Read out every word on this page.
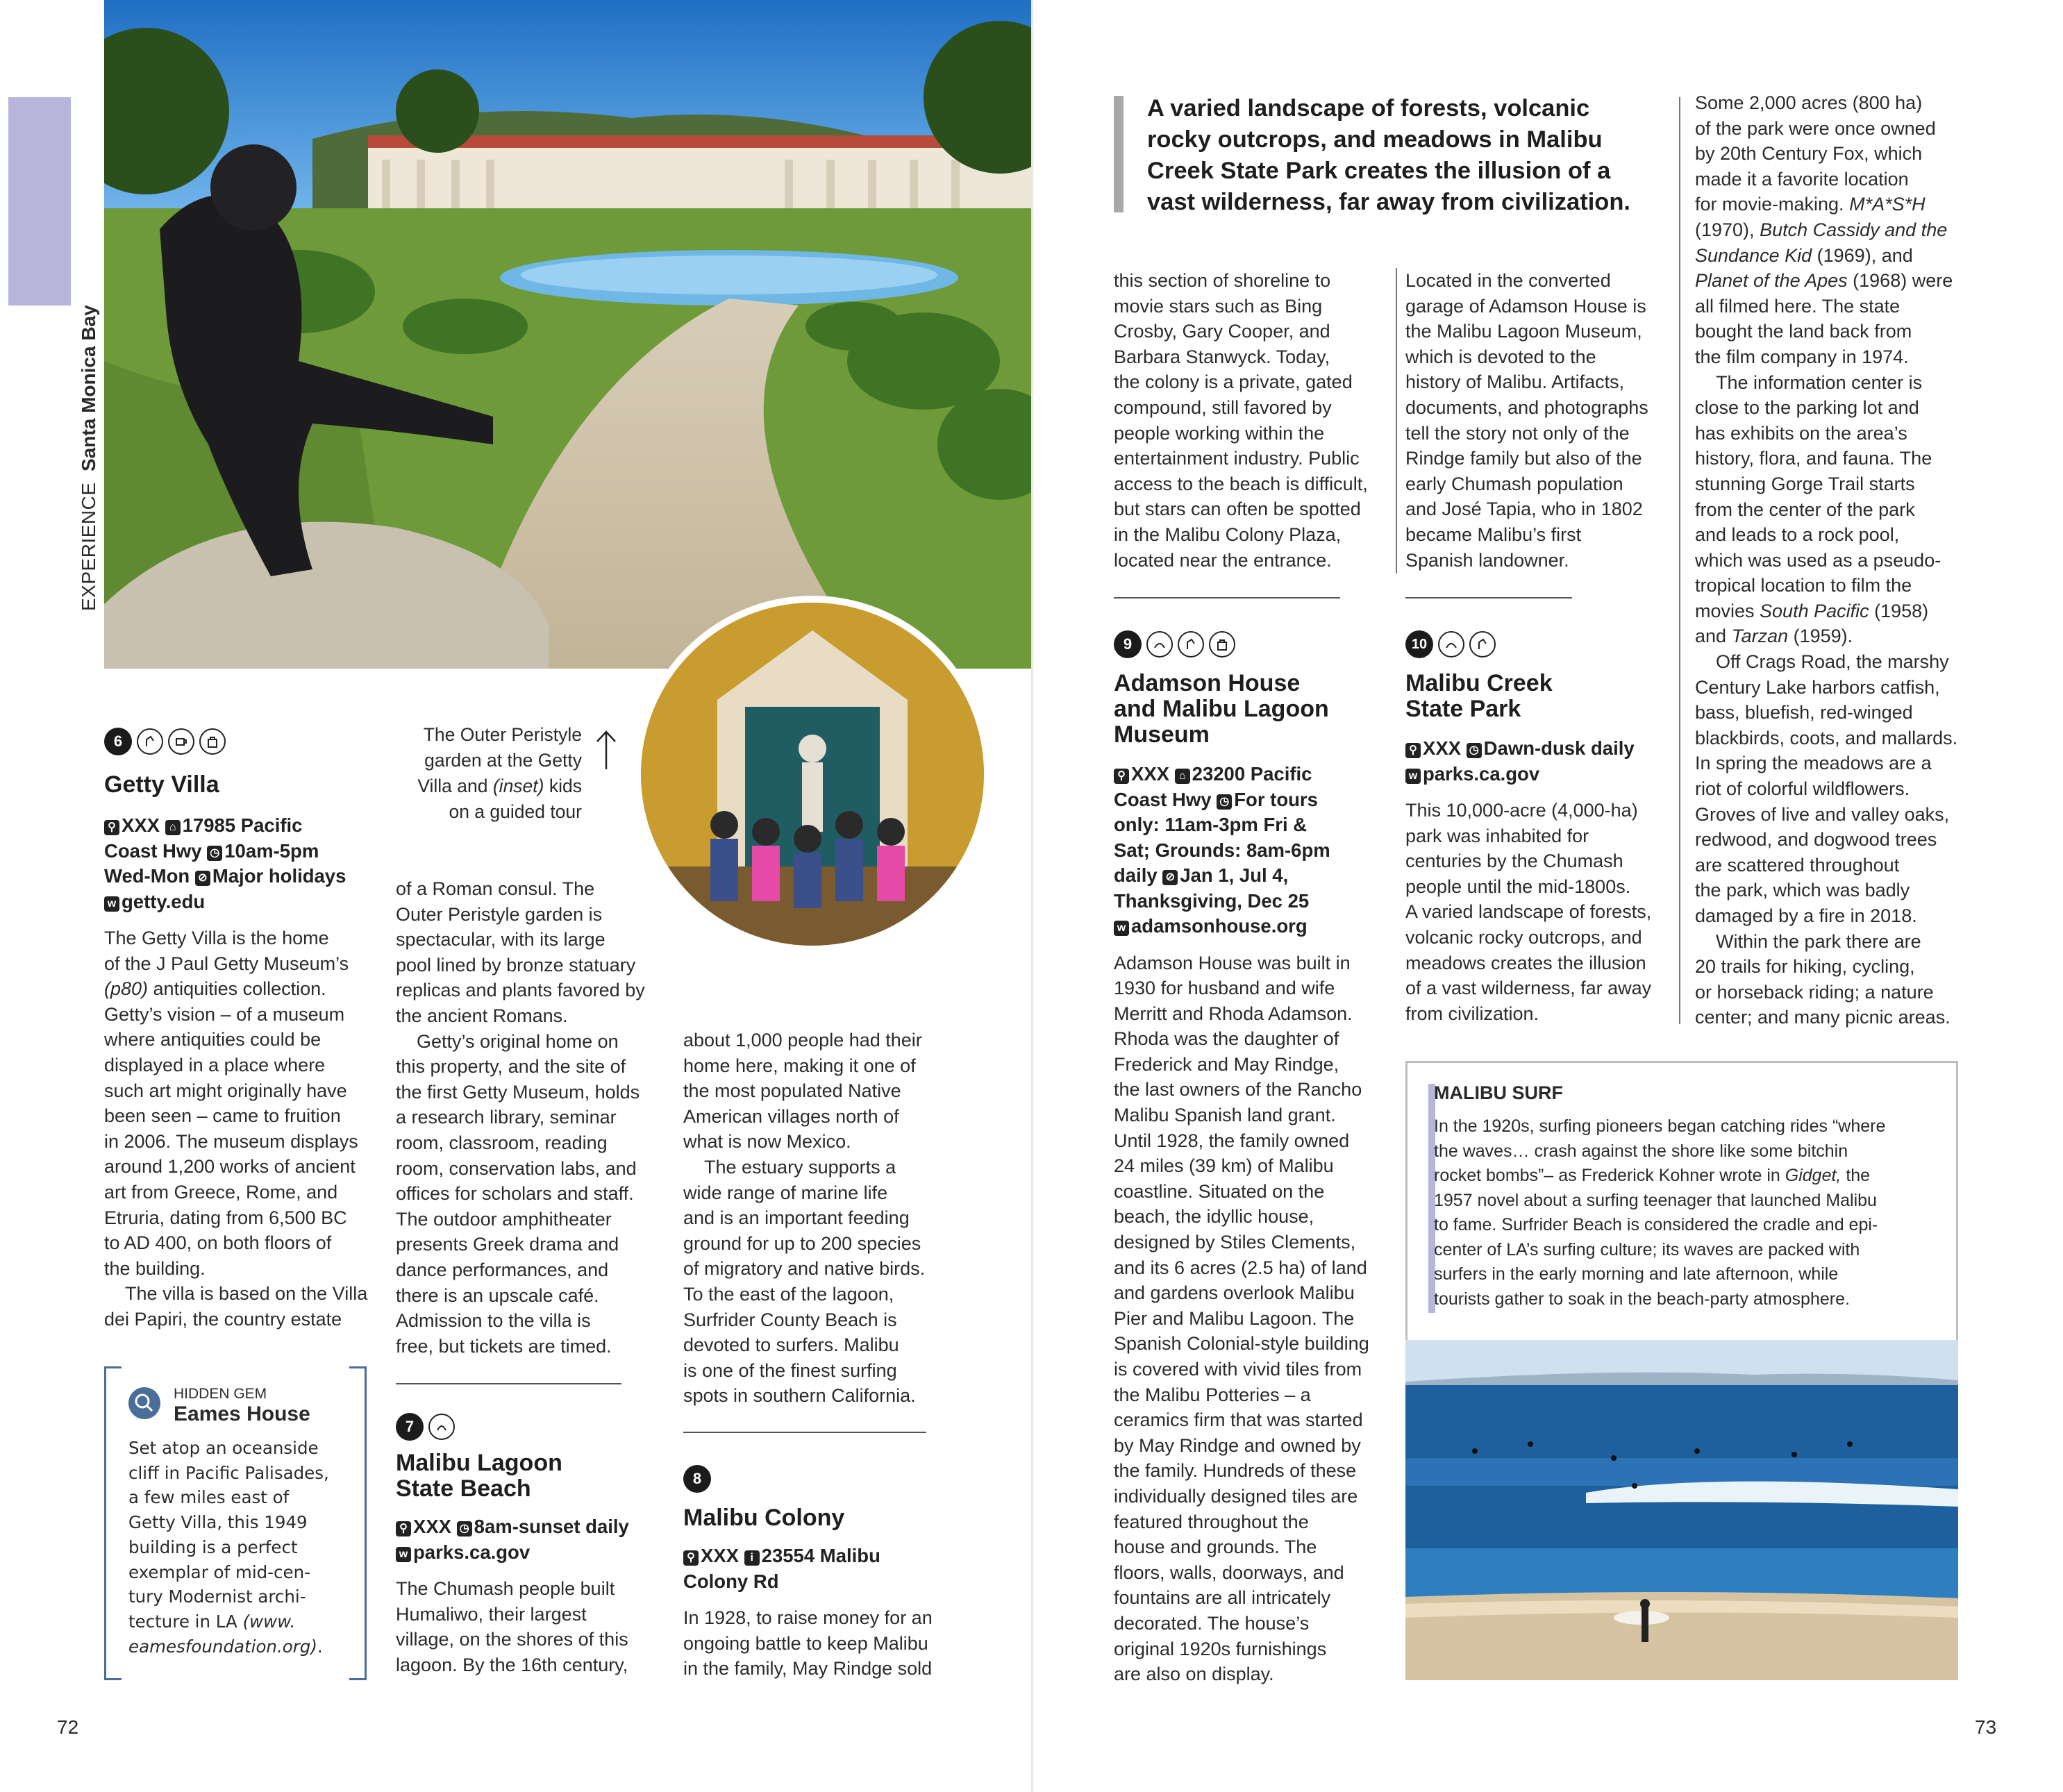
EXPERIENCE  Santa Monica Bay
The Outer Peristyle
garden at the Getty
Villa and (inset) kids
on a guided tour
6
Getty Villa
⚲ XXX ⌂ 17985 Pacific
Coast Hwy ◷ 10am-5pm
Wed-Mon ⊘ Major holidays
w getty.edu

The Getty Villa is the home
of the J Paul Getty Museum’s
(p80) antiquities collection.
Getty’s vision – of a museum
where antiquities could be
displayed in a place where
such art might originally have
been seen – came to fruition
in 2006. The museum displays
around 1,200 works of ancient
art from Greece, Rome, and
Etruria, dating from 6,500 BC
to AD 400, on both floors of
the building.

The villa is based on the Villa
dei Papiri, the country estate

HIDDEN GEM
Eames House
Set atop an oceanside
cliff in Pacific Palisades,
a few miles east of
Getty Villa, this 1949
building is a perfect
exemplar of mid-cen-
tury Modernist archi-
tecture in LA (www.
eamesfoundation.org).

of a Roman consul. The
Outer Peristyle garden is
spectacular, with its large
pool lined by bronze statuary
replicas and plants favored by
the ancient Romans.

Getty’s original home on
this property, and the site of
the first Getty Museum, holds
a research library, seminar
room, classroom, reading
room, conservation labs, and
offices for scholars and staff.
The outdoor amphitheater
presents Greek drama and
dance performances, and
there is an upscale café.
Admission to the villa is
free, but tickets are timed.

7
Malibu Lagoon
State Beach
⚲ XXX ◷ 8am-sunset daily
w parks.ca.gov
The Chumash people built
Humaliwo, their largest
village, on the shores of this
lagoon. By the 16th century,

about 1,000 people had their
home here, making it one of
the most populated Native
American villages north of
what is now Mexico.

The estuary supports a
wide range of marine life
and is an important feeding
ground for up to 200 species
of migratory and native birds.
To the east of the lagoon,
Surfrider County Beach is
devoted to surfers. Malibu
is one of the finest surfing
spots in southern California.

8
Malibu Colony
⚲ XXX i 23554 Malibu
Colony Rd
In 1928, to raise money for an
ongoing battle to keep Malibu
in the family, May Rindge sold
A varied landscape of forests, volcanic
rocky outcrops, and meadows in Malibu
Creek State Park creates the illusion of a
vast wilderness, far away from civilization.
this section of shoreline to
movie stars such as Bing
Crosby, Gary Cooper, and
Barbara Stanwyck. Today,
the colony is a private, gated
compound, still favored by
people working within the
entertainment industry. Public
access to the beach is difficult,
but stars can often be spotted
in the Malibu Colony Plaza,
located near the entrance.
9
Adamson House
and Malibu Lagoon
Museum
⚲ XXX ⌂ 23200 Pacific
Coast Hwy ◷ For tours
only: 11am-3pm Fri &
Sat; Grounds: 8am-6pm
daily ⊘ Jan 1, Jul 4,
Thanksgiving, Dec 25
w adamsonhouse.org
Adamson House was built in
1930 for husband and wife
Merritt and Rhoda Adamson.
Rhoda was the daughter of
Frederick and May Rindge,
the last owners of the Rancho
Malibu Spanish land grant.
Until 1928, the family owned
24 miles (39 km) of Malibu
coastline. Situated on the
beach, the idyllic house,
designed by Stiles Clements,
and its 6 acres (2.5 ha) of land
and gardens overlook Malibu
Pier and Malibu Lagoon. The
Spanish Colonial-style building
is covered with vivid tiles from
the Malibu Potteries – a
ceramics firm that was started
by May Rindge and owned by
the family. Hundreds of these
individually designed tiles are
featured throughout the
house and grounds. The
floors, walls, doorways, and
fountains are all intricately
decorated. The house’s
original 1920s furnishings
are also on display.
Located in the converted
garage of Adamson House is
the Malibu Lagoon Museum,
which is devoted to the
history of Malibu. Artifacts,
documents, and photographs
tell the story not only of the
Rindge family but also of the
early Chumash population
and José Tapia, who in 1802
became Malibu’s first
Spanish landowner.
10
Malibu Creek
State Park
⚲ XXX ◷ Dawn-dusk daily
w parks.ca.gov
This 10,000-acre (4,000-ha)
park was inhabited for
centuries by the Chumash
people until the mid-1800s.
A varied landscape of forests,
volcanic rocky outcrops, and
meadows creates the illusion
of a vast wilderness, far away
from civilization.

Some 2,000 acres (800 ha)
of the park were once owned
by 20th Century Fox, which
made it a favorite location
for movie-making. M*A*S*H
(1970), Butch Cassidy and the
Sundance Kid (1969), and
Planet of the Apes (1968) were
all filmed here. The state
bought the land back from
the film company in 1974.

The information center is
close to the parking lot and
has exhibits on the area’s
history, flora, and fauna. The
stunning Gorge Trail starts
from the center of the park
and leads to a rock pool,
which was used as a pseudo-
tropical location to film the
movies South Pacific (1958)
and Tarzan (1959).

Off Crags Road, the marshy
Century Lake harbors catfish,
bass, bluefish, red-winged
blackbirds, coots, and mallards.
In spring the meadows are a
riot of colorful wildflowers.
Groves of live and valley oaks,
redwood, and dogwood trees
are scattered throughout
the park, which was badly
damaged by a fire in 2018.

Within the park there are
20 trails for hiking, cycling,
or horseback riding; a nature
center; and many picnic areas.

MALIBU SURF
In the 1920s, surfing pioneers began catching rides “where
the waves… crash against the shore like some bitchin
rocket bombs”– as Frederick Kohner wrote in Gidget, the
1957 novel about a surfing teenager that launched Malibu
to fame. Surfrider Beach is considered the cradle and epi-
center of LA’s surfing culture; its waves are packed with
surfers in the early morning and late afternoon, while
tourists gather to soak in the beach-party atmosphere.
72	73
